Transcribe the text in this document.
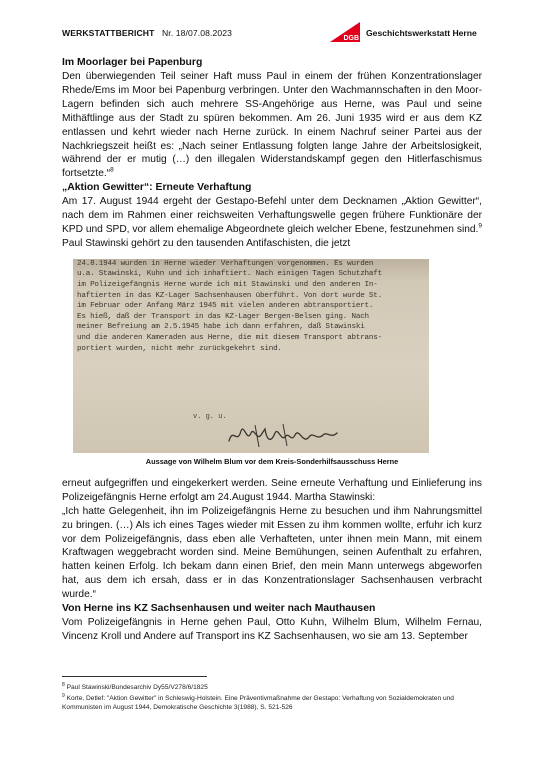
WERKSTATTBERICHT Nr. 18/07.08.2023
DGB
Geschichtswerkstatt Herne
Im Moorlager bei Papenburg

Den überwiegenden Teil seiner Haft muss Paul in einem der frühen Konzentrationslager Rhede/Ems im Moor bei Papenburg verbringen. Unter den Wachmannschaften in den Moor-Lagern befinden sich auch mehrere SS-Angehörige aus Herne, was Paul und seine Mithäftlinge aus der Stadt zu spüren bekommen. Am 26. Juni 1935 wird er aus dem KZ entlassen und kehrt wieder nach Herne zurück. In einem Nachruf seiner Partei aus der Nachkriegszeit heißt es: „Nach seiner Entlassung folgten lange Jahre der Arbeitslosigkeit, während der er mutig (…) den illegalen Widerstandskampf gegen den Hitlerfaschismus fortsetzte.“$^8$

„Aktion Gewitter“: Erneute Verhaftung

Am 17. August 1944 ergeht der Gestapo-Befehl unter dem Decknamen „Aktion Gewitter“, nach dem im Rahmen einer reichsweiten Verhaftungswelle gegen frühere Funktionäre der KPD und SPD, vor allem ehemalige Abgeordnete gleich welcher Ebene, festzunehmen sind.$^9$ Paul Stawinski gehört zu den tausenden Antifaschisten, die jetzt

24.8.1944 wurden in Herne wieder Verhaftungen vorgenommen. Es wurden
u.a. Stawinski, Kuhn und ich inhaftiert. Nach einigen Tagen Schutzhaft
im Polizeigefängnis Herne wurde ich mit Stawinski und den anderen In-
haftierten in das KZ-Lager Sachsenhausen überführt. Von dort wurde St.
im Februar oder Anfang März 1945 mit vielen anderen abtransportiert.
Es hieß, daß der Transport in das KZ-Lager Bergen-Belsen ging. Nach
meiner Befreiung am 2.5.1945 habe ich dann erfahren, daß Stawinski
und die anderen Kameraden aus Herne, die mit diesem Transport abtrans-
portiert wurden, nicht mehr zurückgekehrt sind.
v. g. u.
Aussage von Wilhelm Blum vor dem Kreis-Sonderhilfsausschuss Herne

erneut aufgegriffen und eingekerkert werden. Seine erneute Verhaftung und Einlieferung ins Polizeigefängnis Herne erfolgt am 24.August 1944. Martha Stawinski:

„Ich hatte Gelegenheit, ihn im Polizeigefängnis Herne zu besuchen und ihm Nahrungsmittel zu bringen. (…) Als ich eines Tages wieder mit Essen zu ihm kommen wollte, erfuhr ich kurz vor dem Polizeigefängnis, dass eben alle Verhafteten, unter ihnen mein Mann, mit einem Kraftwagen weggebracht worden sind. Meine Bemühungen, seinen Aufenthalt zu erfahren, hatten keinen Erfolg. Ich bekam dann einen Brief, den mein Mann unterwegs abgeworfen hat, aus dem ich ersah, dass er in das Konzentrationslager Sachsenhausen verbracht wurde.“

Von Herne ins KZ Sachsenhausen und weiter nach Mauthausen

Vom Polizeigefängnis in Herne gehen Paul, Otto Kuhn, Wilhelm Blum, Wilhelm Fernau, Vincenz Kroll und Andere auf Transport ins KZ Sachsenhausen, wo sie am 13. September

$^8$ Paul Stawinski/Bundesarchiv Dy55/V278/6/1825
$^9$ Korte, Detlef: "Aktion Gewitter" in Schleswig-Holstein. Eine Präventivmaßnahme der Gestapo: Verhaftung von Sozialdemokraten und Kommunisten im August 1944, Demokratische Geschichte 3(1988), S. 521-526
